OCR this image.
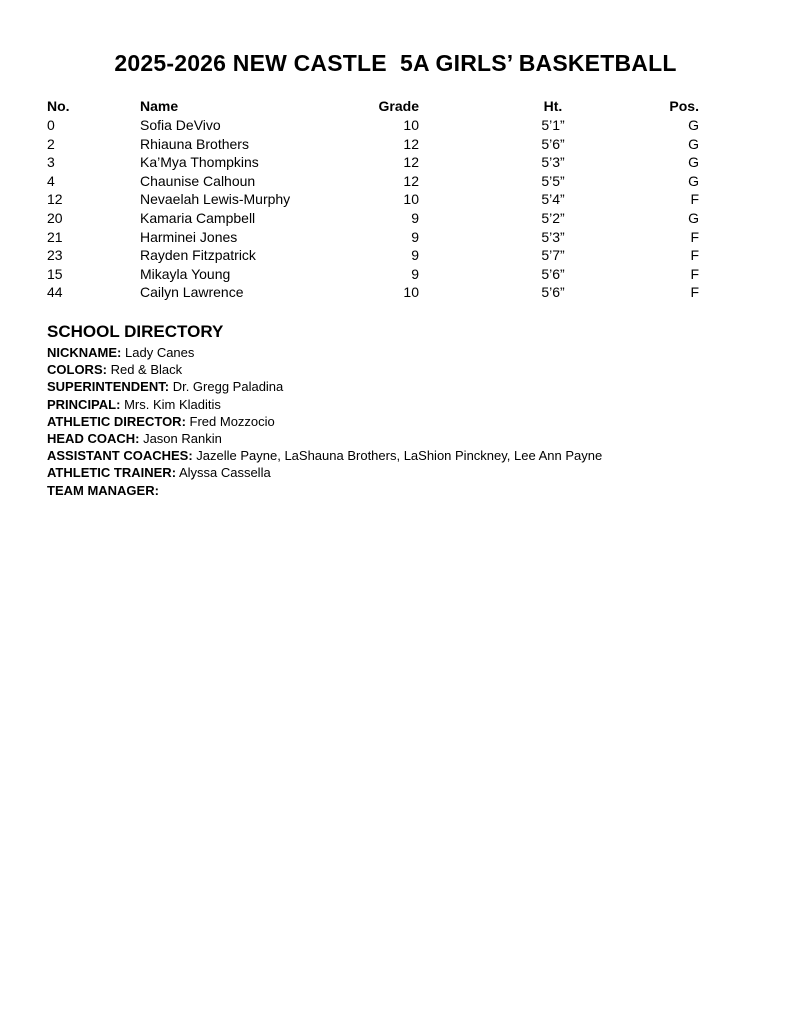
2025-2026 NEW CASTLE  5A GIRLS’ BASKETBALL
No.	Name	Grade	Ht.	Pos.
0	Sofia DeVivo	10	5’1”	G
2	Rhiauna Brothers	12	5’6”	G
3	Ka’Mya Thompkins	12	5’3”	G
4	Chaunise Calhoun	12	5’5”	G
12	Nevaelah Lewis-Murphy	10	5’4”	F
20	Kamaria Campbell	9	5’2”	G
21	Harminei Jones	9	5’3”	F
23	Rayden Fitzpatrick	9	5’7”	F
15	Mikayla Young	9	5’6”	F
44	Cailyn Lawrence	10	5’6”	F
SCHOOL DIRECTORY
NICKNAME: Lady Canes
COLORS: Red & Black
SUPERINTENDENT: Dr. Gregg Paladina
PRINCIPAL: Mrs. Kim Kladitis
ATHLETIC DIRECTOR: Fred Mozzocio
HEAD COACH: Jason Rankin
ASSISTANT COACHES: Jazelle Payne, LaShauna Brothers, LaShion Pinckney, Lee Ann Payne
ATHLETIC TRAINER: Alyssa Cassella
TEAM MANAGER:
